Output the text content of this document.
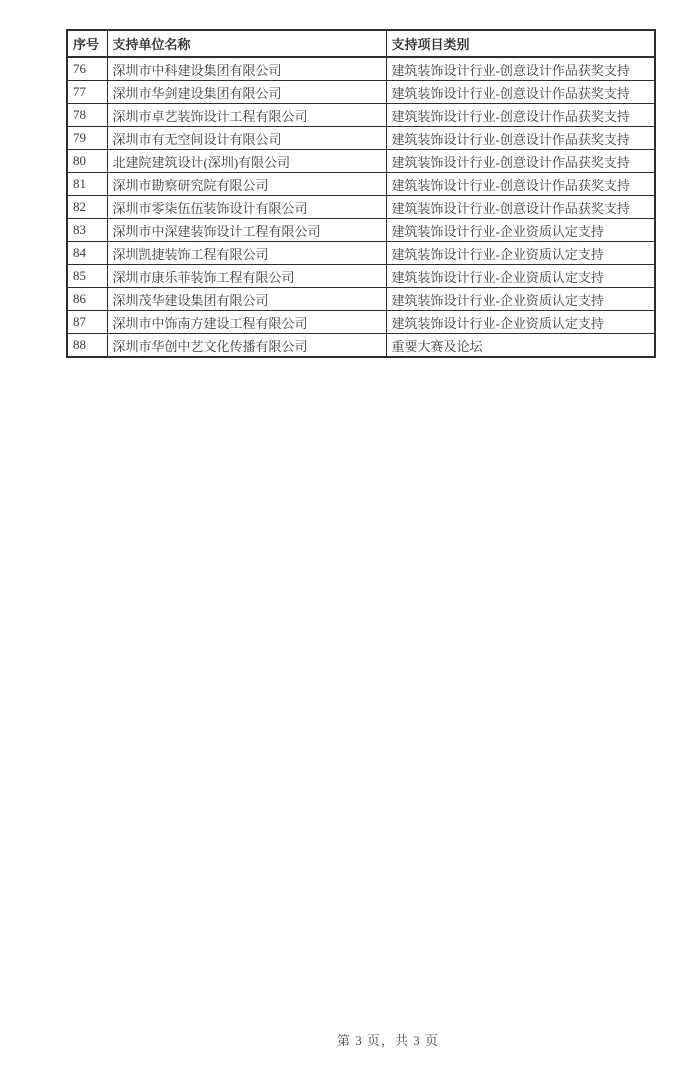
序号	支持单位名称	支持项目类别
76	深圳市中科建设集团有限公司	建筑装饰设计行业-创意设计作品获奖支持
77	深圳市华剑建设集团有限公司	建筑装饰设计行业-创意设计作品获奖支持
78	深圳市卓艺装饰设计工程有限公司	建筑装饰设计行业-创意设计作品获奖支持
79	深圳市有无空间设计有限公司	建筑装饰设计行业-创意设计作品获奖支持
80	北建院建筑设计(深圳)有限公司	建筑装饰设计行业-创意设计作品获奖支持
81	深圳市勘察研究院有限公司	建筑装饰设计行业-创意设计作品获奖支持
82	深圳市零柒伍伍装饰设计有限公司	建筑装饰设计行业-创意设计作品获奖支持
83	深圳市中深建装饰设计工程有限公司	建筑装饰设计行业-企业资质认定支持
84	深圳凯捷装饰工程有限公司	建筑装饰设计行业-企业资质认定支持
85	深圳市康乐菲装饰工程有限公司	建筑装饰设计行业-企业资质认定支持
86	深圳茂华建设集团有限公司	建筑装饰设计行业-企业资质认定支持
87	深圳市中饰南方建设工程有限公司	建筑装饰设计行业-企业资质认定支持
88	深圳市华创中艺文化传播有限公司	重要大赛及论坛
第 3 页，共 3 页
